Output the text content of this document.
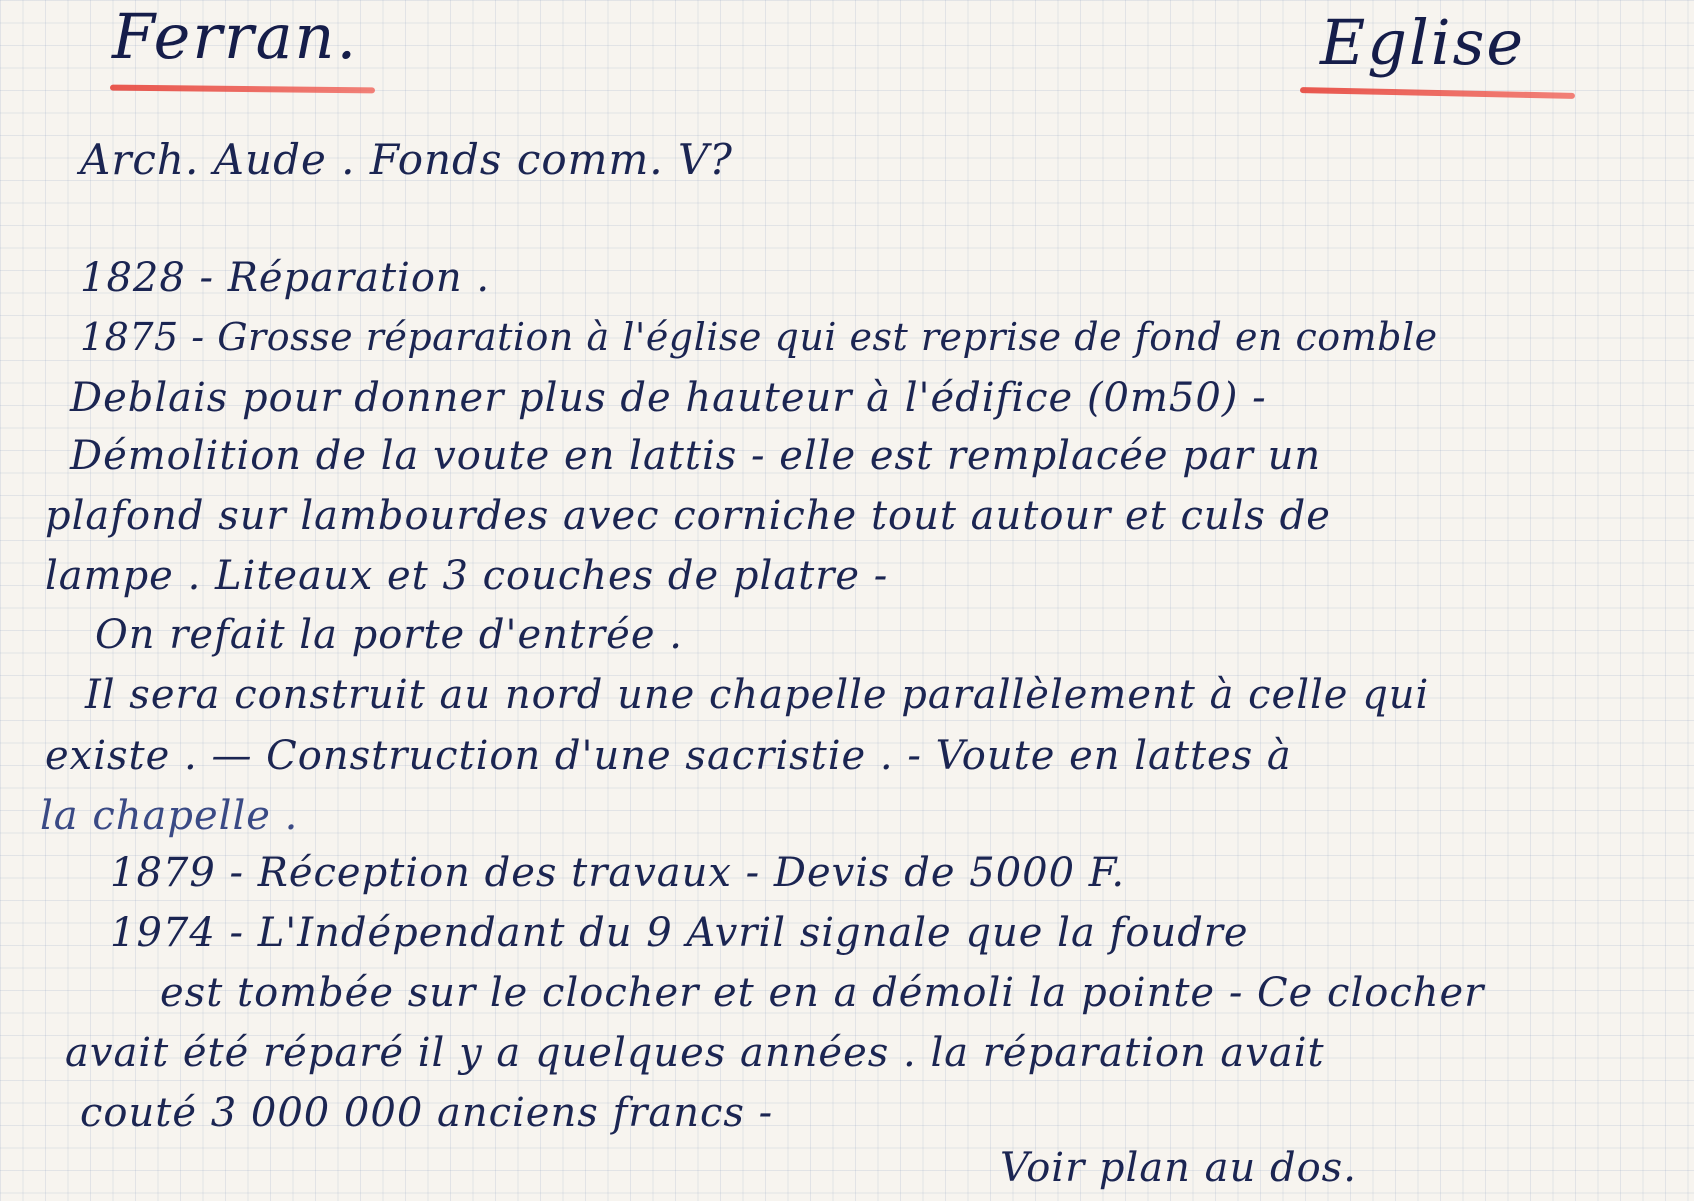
Ferran.	Eglise
Arch. Aude . Fonds comm. V?
1828 - Réparation .
1875 - Grosse réparation à l'église qui est reprise de fond en comble
Deblais pour donner plus de hauteur à l'édifice (0m50) -
Démolition de la voute en lattis - elle est remplacée par un
plafond sur lambourdes avec corniche tout autour et culs de
lampe . Liteaux et 3 couches de platre -
On refait la porte d'entrée .
Il sera construit au nord une chapelle parallèlement à celle qui
existe . — Construction d'une sacristie . - Voute en lattes à
la chapelle .
1879 - Réception des travaux - Devis de 5000 F.
1974 - L'Indépendant du 9 Avril signale que la foudre
est tombée sur le clocher et en a démoli la pointe - Ce clocher
avait été réparé il y a quelques années . la réparation avait
couté 3 000 000 anciens francs -
Voir plan au dos.
